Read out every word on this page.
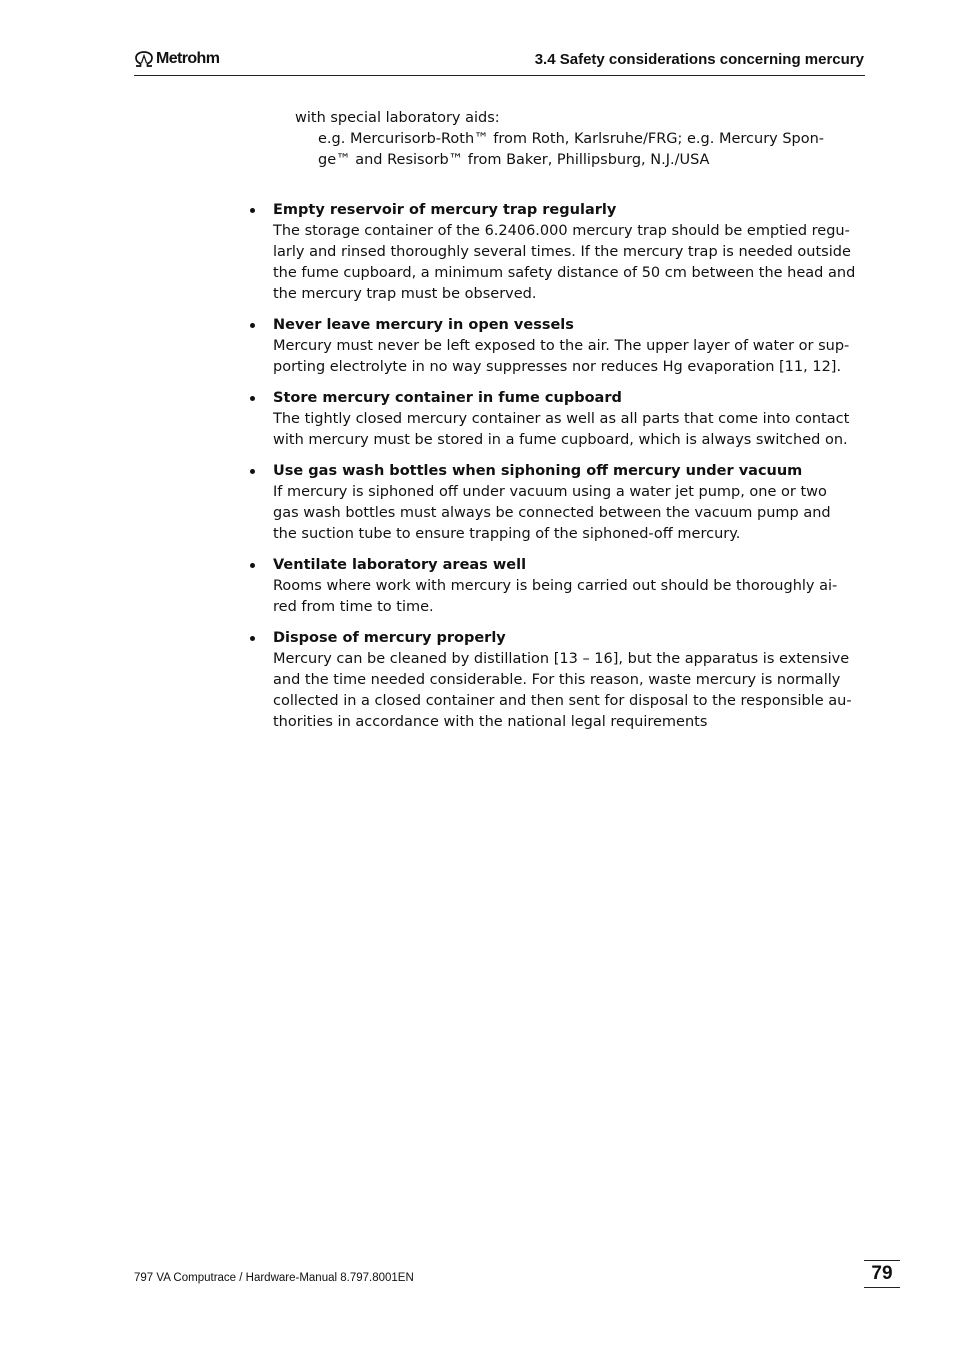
Metrohm	3.4 Safety considerations concerning mercury
with special laboratory aids:
e.g. Mercurisorb-Roth™ from Roth, Karlsruhe/FRG; e.g. Mercury Spon-
ge™ and Resisorb™ from Baker, Phillipsburg, N.J./USA
Empty reservoir of mercury trap regularly
The storage container of the 6.2406.000 mercury trap should be emptied regu-
larly and rinsed thoroughly several times. If the mercury trap is needed outside
the fume cupboard, a minimum safety distance of 50 cm between the head and
the mercury trap must be observed.
Never leave mercury in open vessels
Mercury must never be left exposed to the air. The upper layer of water or sup-
porting electrolyte in no way suppresses nor reduces Hg evaporation [11, 12].
Store mercury container in fume cupboard
The tightly closed mercury container as well as all parts that come into contact
with mercury must be stored in a fume cupboard, which is always switched on.
Use gas wash bottles when siphoning off mercury under vacuum
If mercury is siphoned off under vacuum using a water jet pump, one or two
gas wash bottles must always be connected between the vacuum pump and
the suction tube to ensure trapping of the siphoned-off mercury.
Ventilate laboratory areas well
Rooms where work with mercury is being carried out should be thoroughly ai-
red from time to time.
Dispose of mercury properly
Mercury can be cleaned by distillation [13 – 16], but the apparatus is extensive
and the time needed considerable. For this reason, waste mercury is normally
collected in a closed container and then sent for disposal to the responsible au-
thorities in accordance with the national legal requirements
797 VA Computrace / Hardware-Manual 8.797.8001EN	79
